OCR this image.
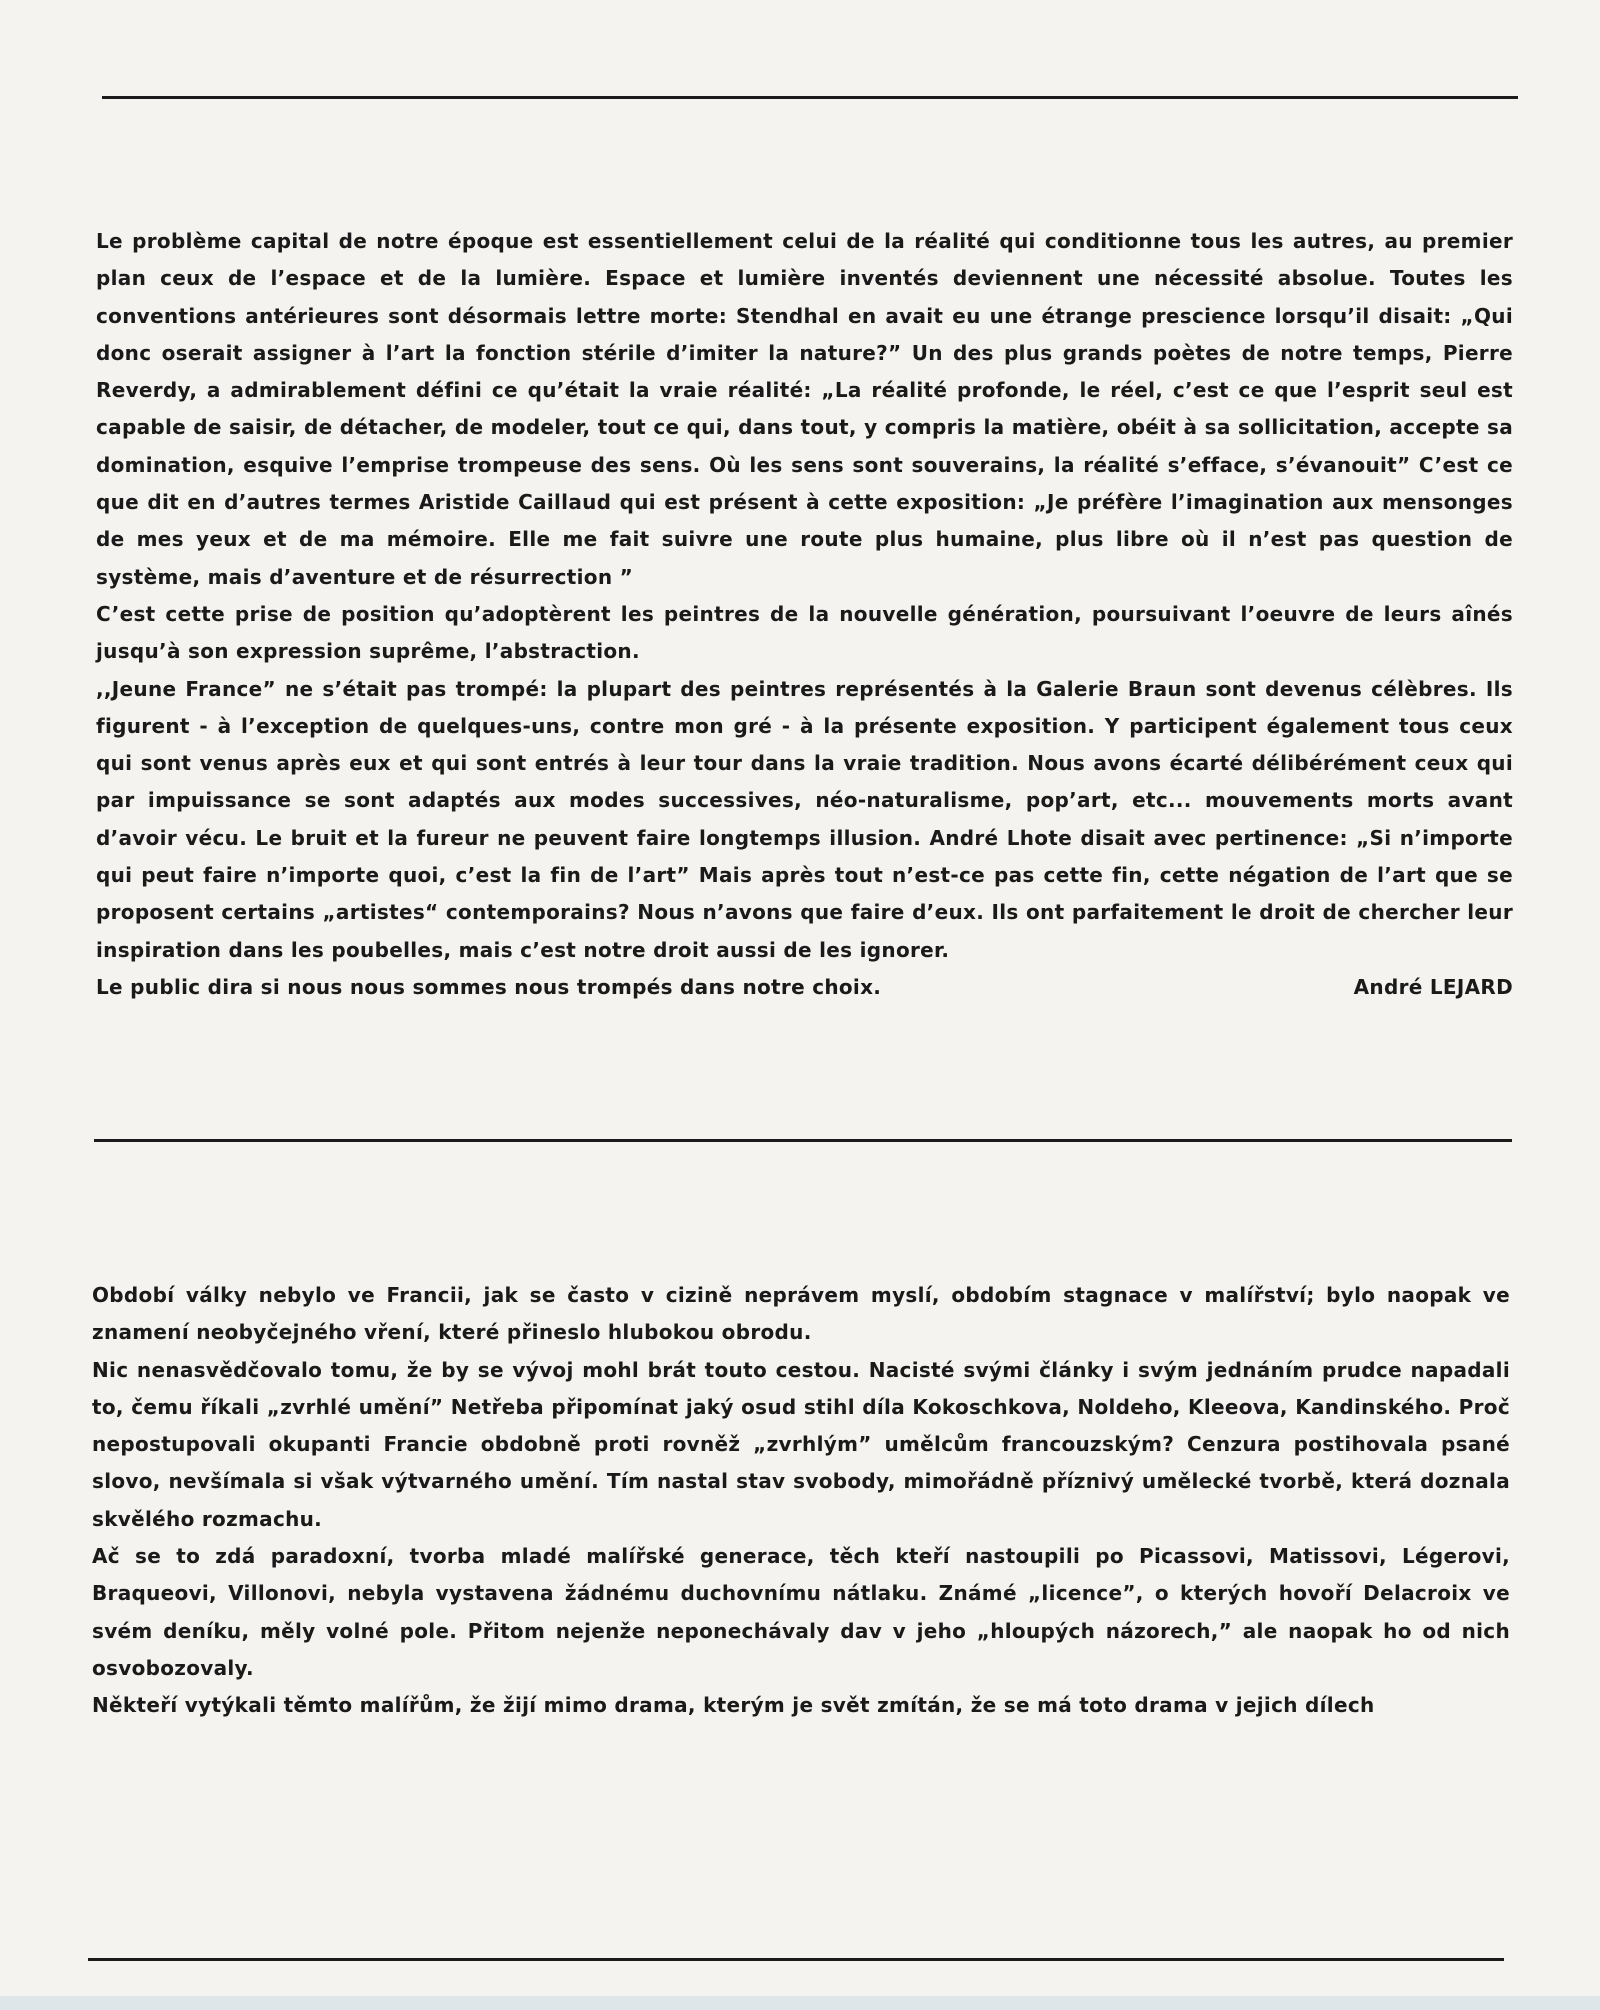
Le problème capital de notre époque est essentiellement celui de la réalité qui conditionne tous les autres, au premier plan ceux de l’espace et de la lumière. Espace et lumière inventés deviennent une nécessité absolue. Toutes les conventions antérieures sont désormais lettre morte: Stendhal en avait eu une étrange prescience lorsqu’il disait: „Qui donc oserait assigner à l’art la fonction stérile d’imiter la nature?” Un des plus grands poètes de notre temps, Pierre Reverdy, a admirablement défini ce qu’était la vraie réalité: „La réalité profonde, le réel, c’est ce que l’esprit seul est capable de saisir, de détacher, de modeler, tout ce qui, dans tout, y compris la matière, obéit à sa sollicitation, accepte sa domination, esquive l’emprise trompeuse des sens. Où les sens sont souverains, la réalité s’efface, s’évanouit” C’est ce que dit en d’autres termes Aristide Caillaud qui est présent à cette exposition: „Je préfère l’imagination aux mensonges de mes yeux et de ma mémoire. Elle me fait suivre une route plus humaine, plus libre où il n’est pas question de système, mais d’aventure et de résurrection ”

C’est cette prise de position qu’adoptèrent les peintres de la nouvelle génération, poursuivant l’oeuvre de leurs aînés jusqu’à son expression suprême, l’abstraction.

,,Jeune France” ne s’était pas trompé: la plupart des peintres représentés à la Galerie Braun sont devenus célèbres. Ils figurent - à l’exception de quelques-uns, contre mon gré - à la présente exposition. Y participent également tous ceux qui sont venus après eux et qui sont entrés à leur tour dans la vraie tradition. Nous avons écarté délibérément ceux qui par impuissance se sont adaptés aux modes successives, néo-naturalisme, pop’art, etc... mouvements morts avant d’avoir vécu. Le bruit et la fureur ne peuvent faire longtemps illusion. André Lhote disait avec pertinence: „Si n’importe qui peut faire n’importe quoi, c’est la fin de l’art” Mais après tout n’est-ce pas cette fin, cette négation de l’art que se proposent certains „artistes“ contemporains? Nous n’avons que faire d’eux. Ils ont parfaitement le droit de chercher leur inspiration dans les poubelles, mais c’est notre droit aussi de les ignorer.

Le public dira si nous nous sommes nous trompés dans notre choix.	André LEJARD

Období války nebylo ve Francii, jak se často v cizině neprávem myslí, obdobím stagnace v malířství; bylo naopak ve znamení neobyčejného vření, které přineslo hlubokou obrodu.

Nic nenasvědčovalo tomu, že by se vývoj mohl brát touto cestou. Nacisté svými články i svým jednáním prudce napadali to, čemu říkali „zvrhlé umění” Netřeba připomínat jaký osud stihl díla Kokoschkova, Noldeho, Kleeova, Kandinského. Proč nepostupovali okupanti Francie obdobně proti rovněž „zvrhlým” umělcům francouzským? Cenzura postihovala psané slovo, nevšímala si však výtvarného umění. Tím nastal stav svobody, mimořádně příznivý umělecké tvorbě, která doznala skvělého rozmachu.

Ač se to zdá paradoxní, tvorba mladé malířské generace, těch kteří nastoupili po Picassovi, Matissovi, Légerovi, Braqueovi, Villonovi, nebyla vystavena žádnému duchovnímu nátlaku. Známé „licence”, o kterých hovoří Delacroix ve svém deníku, měly volné pole. Přitom nejenže neponechávaly dav v jeho „hloupých názorech,” ale naopak ho od nich osvobozovaly.

Někteří vytýkali těmto malířům, že žijí mimo drama, kterým je svět zmítán, že se má toto drama v jejich dílech
